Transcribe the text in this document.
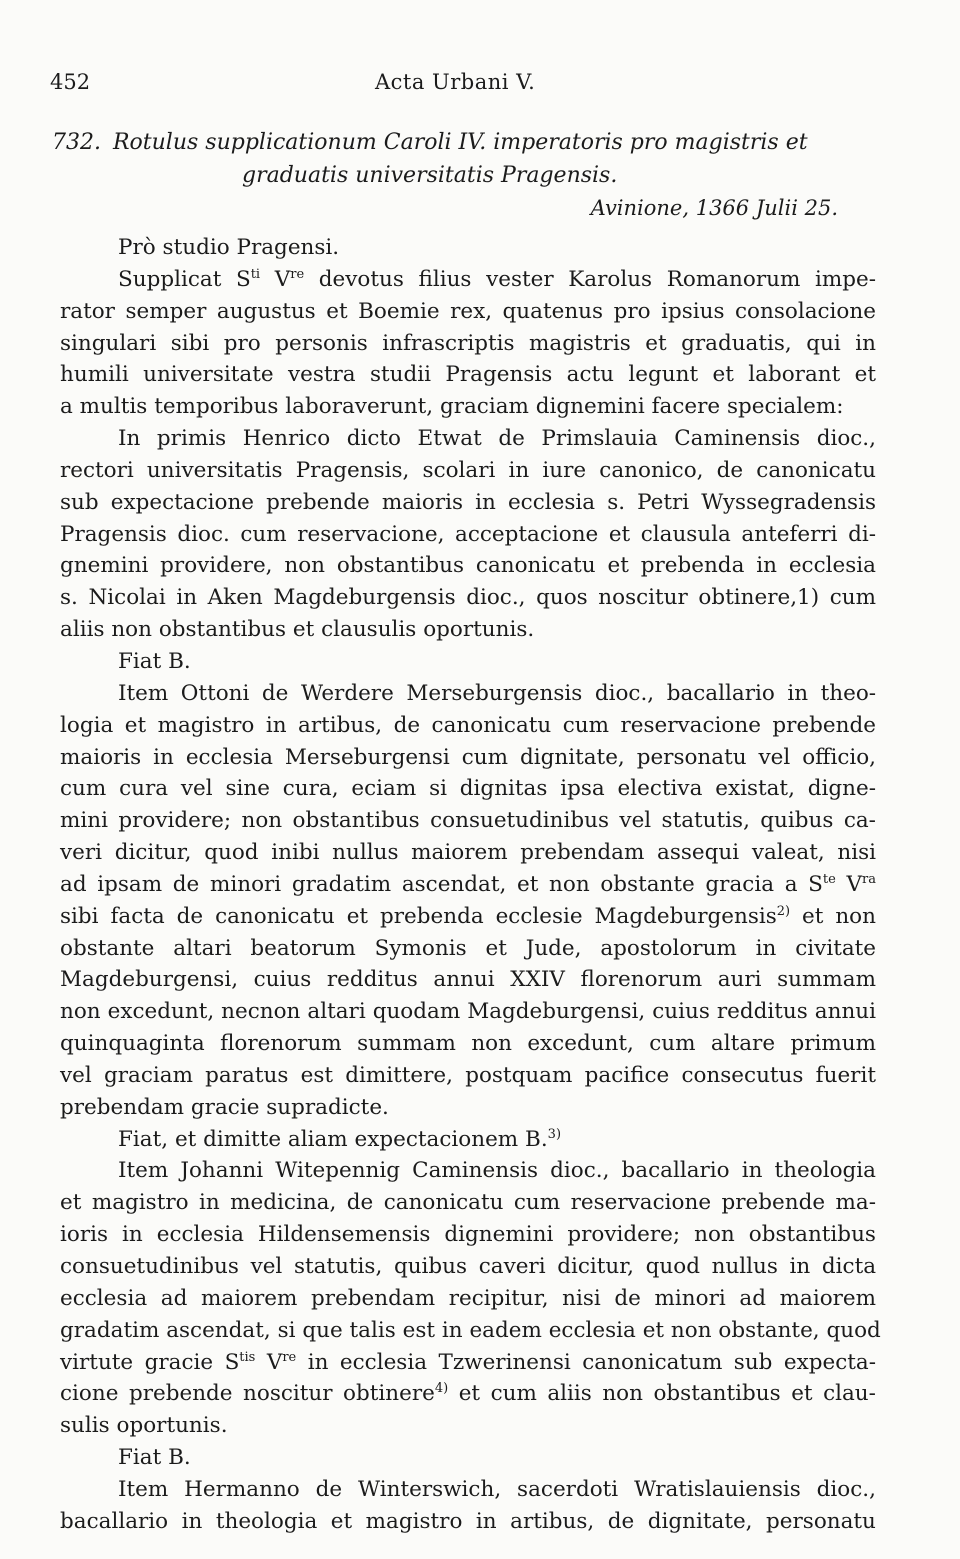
452	Acta Urbani V.
732. Rotulus supplicationum Caroli IV. imperatoris pro magistris et
graduatis universitatis Pragensis.
Avinione, 1366 Julii 25.
Prò studio Pragensi.
Supplicat $S^{ti}$ Vre devotus filius vester Karolus Romanorum impe-
rator semper augustus et Boemie rex, quatenus pro ipsius consolacione
singulari sibi pro personis infrascriptis magistris et graduatis, qui in
humili universitate vestra studii Pragensis actu legunt et laborant et
a multis temporibus laboraverunt, graciam dignemini facere specialem:
In primis Henrico dicto Etwat de Primslauia Caminensis dioc.,
rectori universitatis Pragensis, scolari in iure canonico, de canonicatu
sub expectacione prebende maioris in ecclesia s. Petri Wyssegradensis
Pragensis dioc. cum reservacione, acceptacione et clausula anteferri di-
gnemini providere, non obstantibus canonicatu et prebenda in ecclesia
s. Nicolai in Aken Magdeburgensis dioc., quos noscitur obtinere,1) cum
aliis non obstantibus et clausulis oportunis.
Fiat B.
Item Ottoni de Werdere Merseburgensis dioc., bacallario in theo-
logia et magistro in artibus, de canonicatu cum reservacione prebende
maioris in ecclesia Merseburgensi cum dignitate, personatu vel officio,
cum cura vel sine cura, eciam si dignitas ipsa electiva existat, digne-
mini providere; non obstantibus consuetudinibus vel statutis, quibus ca-
veri dicitur, quod inibi nullus maiorem prebendam assequi valeat, nisi
ad ipsam de minori gradatim ascendat, et non obstante gracia a $S^{te}$ $V^{ra}$
sibi facta de canonicatu et prebenda ecclesie Magdeburgensis$^{2)}$ et non
obstante altari beatorum Symonis et Jude, apostolorum in civitate
Magdeburgensi, cuius redditus annui XXIV florenorum auri summam
non excedunt, necnon altari quodam Magdeburgensi, cuius redditus annui
quinquaginta florenorum summam non excedunt, cum altare primum
vel graciam paratus est dimittere, postquam pacifice consecutus fuerit
prebendam gracie supradicte.
Fiat, et dimitte aliam expectacionem B.$^{3)}$
Item Johanni Witepennig Caminensis dioc., bacallario in theologia
et magistro in medicina, de canonicatu cum reservacione prebende ma-
ioris in ecclesia Hildensemensis dignemini providere; non obstantibus
consuetudinibus vel statutis, quibus caveri dicitur, quod nullus in dicta
ecclesia ad maiorem prebendam recipitur, nisi de minori ad maiorem
gradatim ascendat, si que talis est in eadem ecclesia et non obstante, quod
virtute gracie $S^{tis}$ Vre in ecclesia Tzwerinensi canonicatum sub expecta-
cione prebende noscitur obtinere$^{4)}$ et cum aliis non obstantibus et clau-
sulis oportunis.
Fiat B.
Item Hermanno de Winterswich, sacerdoti Wratislauiensis dioc.,
bacallario in theologia et magistro in artibus, de dignitate, personatu
